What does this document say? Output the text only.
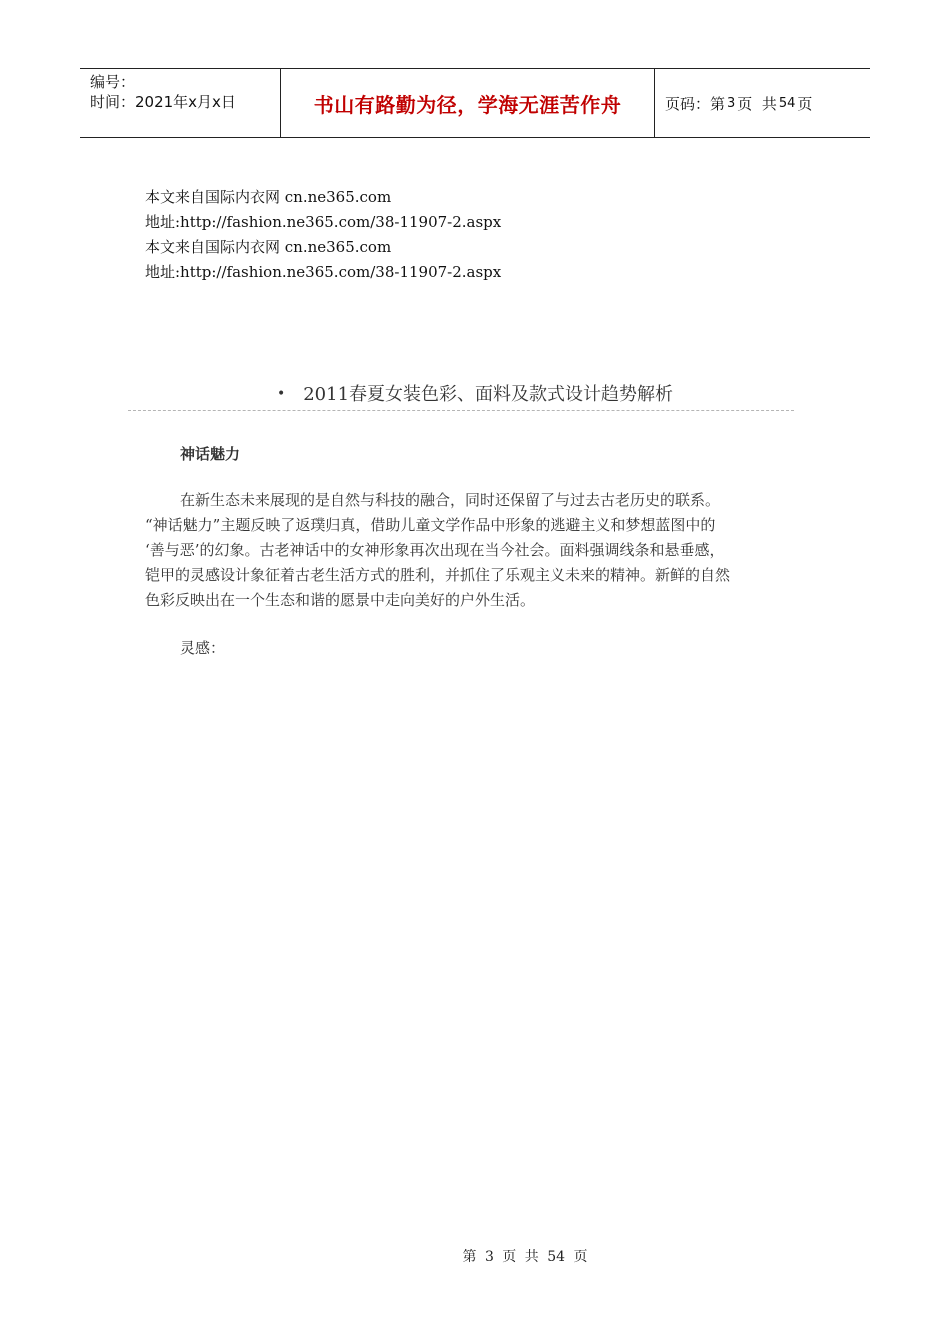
编号：
时间：2021年x月x日	书山有路勤为径，学海无涯苦作舟	页码：第 3 页  共 54 页
本文来自国际内衣网 cn.ne365.com
地址:http://fashion.ne365.com/38-11907-2.aspx
本文来自国际内衣网 cn.ne365.com
地址:http://fashion.ne365.com/38-11907-2.aspx
• 2011春夏女装色彩、面料及款式设计趋势解析
神话魅力
在新生态未来展现的是自然与科技的融合，同时还保留了与过去古老历史的联系。
“神话魅力”主题反映了返璞归真，借助儿童文学作品中形象的逃避主义和梦想蓝图中的
‘善与恶’的幻象。古老神话中的女神形象再次出现在当今社会。面料强调线条和悬垂感，
铠甲的灵感设计象征着古老生活方式的胜利，并抓住了乐观主义未来的精神。新鲜的自然
色彩反映出在一个生态和谐的愿景中走向美好的户外生活。
灵感：
第 3 页 共 54 页
